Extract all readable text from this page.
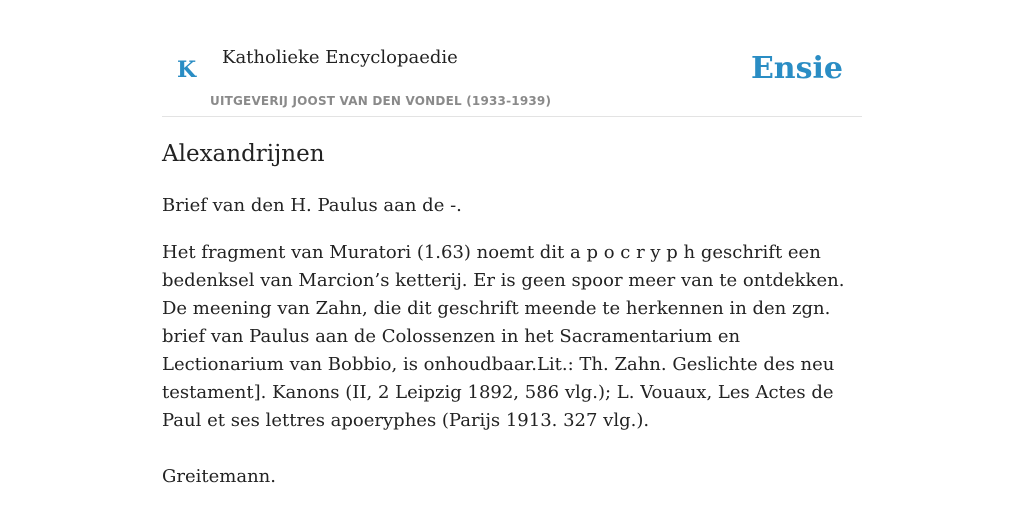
K Katholieke Encyclopaedie
UITGEVERIJ JOOST VAN DEN VONDEL (1933-1939)
Ensie
Alexandrijnen

Brief van den H. Paulus aan de -.

Het fragment van Muratori (1.63) noemt dit a p o c r y p h geschrift een bedenksel van Marcion’s ketterij. Er is geen spoor meer van te ontdekken. De meening van Zahn, die dit geschrift meende te herkennen in den zgn. brief van Paulus aan de Colossenzen in het Sacramentarium en Lectionarium van Bobbio, is onhoudbaar.Lit.: Th. Zahn. Geslichte des neu testament]. Kanons (II, 2 Leipzig 1892, 586 vlg.); L. Vouaux, Les Actes de Paul et ses lettres apoeryphes (Parijs 1913. 327 vlg.).

Greitemann.
